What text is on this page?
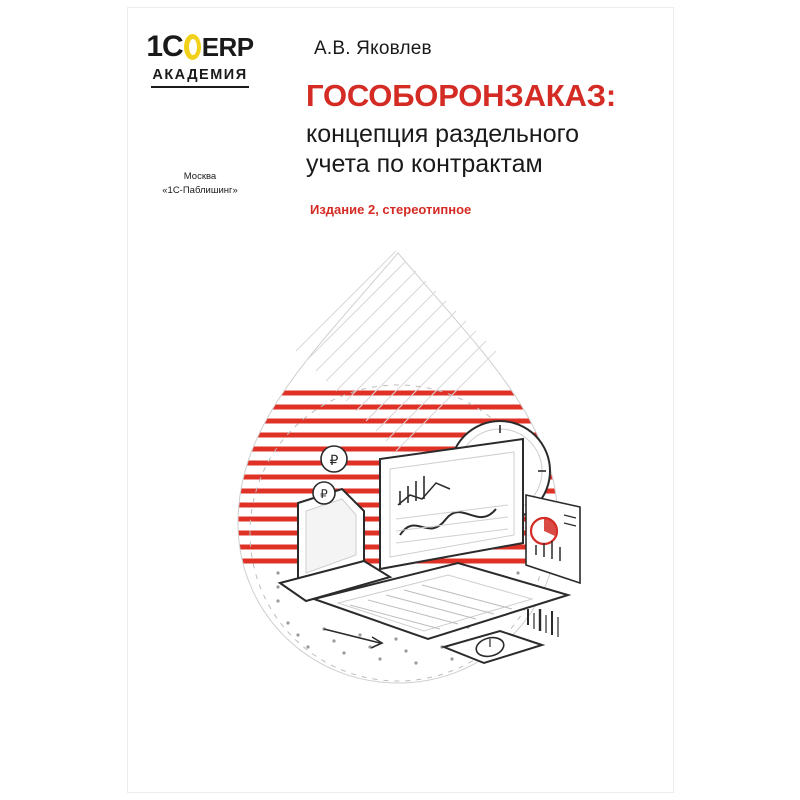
1C ERP
АКАДЕМИЯ
Москва
«1С-Паблишинг»
А.В. Яковлев
ГОСОБОРОНЗАКАЗ:
концепция раздельного
учета по контрактам
Издание 2, стереотипное
₽
₽
